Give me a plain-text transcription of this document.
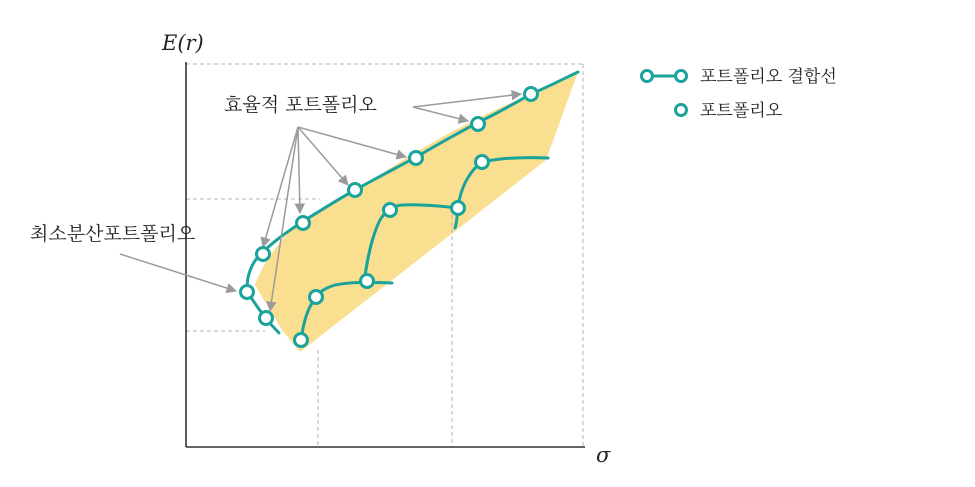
E(r)
σ
효율적 포트폴리오
최소분산포트폴리오
포트폴리오 결합선
포트폴리오
